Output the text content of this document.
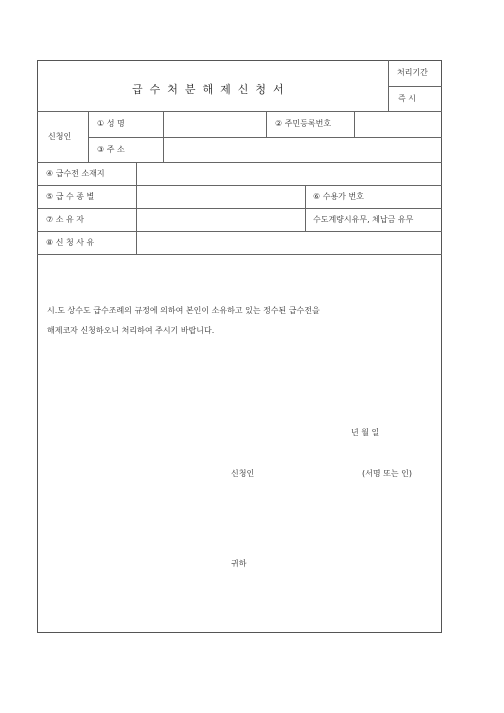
급수처분해제신청서
처리기간
즉 시
신청인
① 성 명	② 주민등록번호
③ 주 소
④ 급수전 소재지
⑤ 급 수 종 별	⑥ 수용가 번호
⑦ 소 유 자	수도계량시유무, 체납금 유무
⑧ 신 청 사 유
시.도 상수도 급수조례의 규정에 의하여 본인이 소유하고 있는 정수된 급수전을
해제코자 신청하오니 처리하여 주시기 바랍니다.
년 월 일
신청인	(서명 또는 인)
귀하
